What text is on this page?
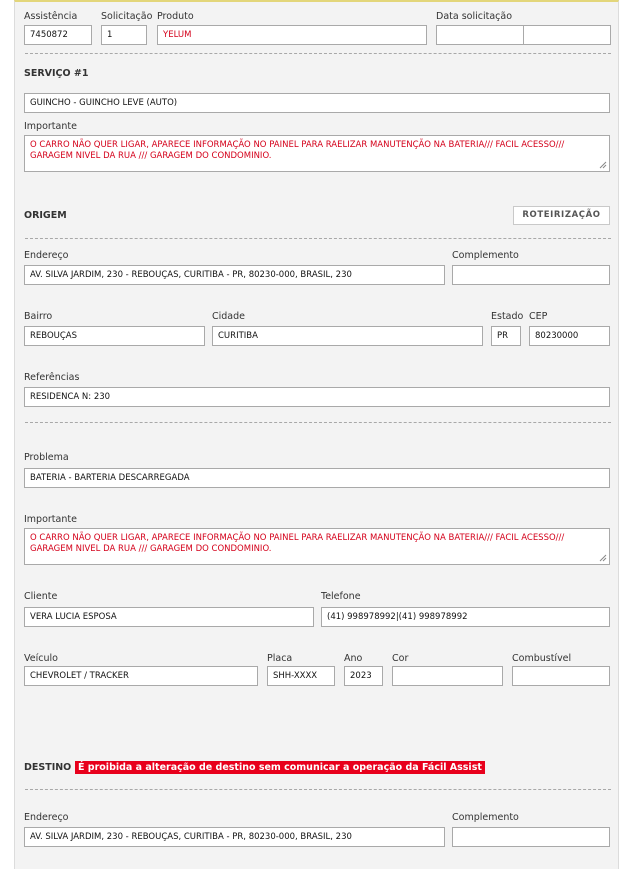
Assistência
7450872
Solicitação
1
Produto
YELUM
Data solicitação
SERVIÇO #1
GUINCHO - GUINCHO LEVE (AUTO)
Importante
O CARRO NÃO QUER LIGAR, APARECE INFORMAÇÃO NO PAINEL PARA RAELIZAR MANUTENÇÃO NA BATERIA/// FACIL ACESSO/// GARAGEM NIVEL DA RUA /// GARAGEM DO CONDOMINIO.
ORIGEM	ROTEIRIZAÇÃO
Endereço
AV. SILVA JARDIM, 230 - REBOUÇAS, CURITIBA - PR, 80230-000, BRASIL, 230
Complemento
Bairro
REBOUÇAS
Cidade
CURITIBA
Estado
PR
CEP
80230000
Referências
RESIDENCA N: 230
Problema
BATERIA - BARTERIA DESCARREGADA
Importante
O CARRO NÃO QUER LIGAR, APARECE INFORMAÇÃO NO PAINEL PARA RAELIZAR MANUTENÇÃO NA BATERIA/// FACIL ACESSO/// GARAGEM NIVEL DA RUA /// GARAGEM DO CONDOMINIO.
Cliente
VERA LUCIA ESPOSA
Telefone
(41) 998978992|(41) 998978992
Veículo
CHEVROLET / TRACKER
Placa
SHH-XXXX
Ano
2023
Cor	Combustível
DESTINO É proibida a alteração de destino sem comunicar a operação da Fácil Assist
Endereço
AV. SILVA JARDIM, 230 - REBOUÇAS, CURITIBA - PR, 80230-000, BRASIL, 230
Complemento
